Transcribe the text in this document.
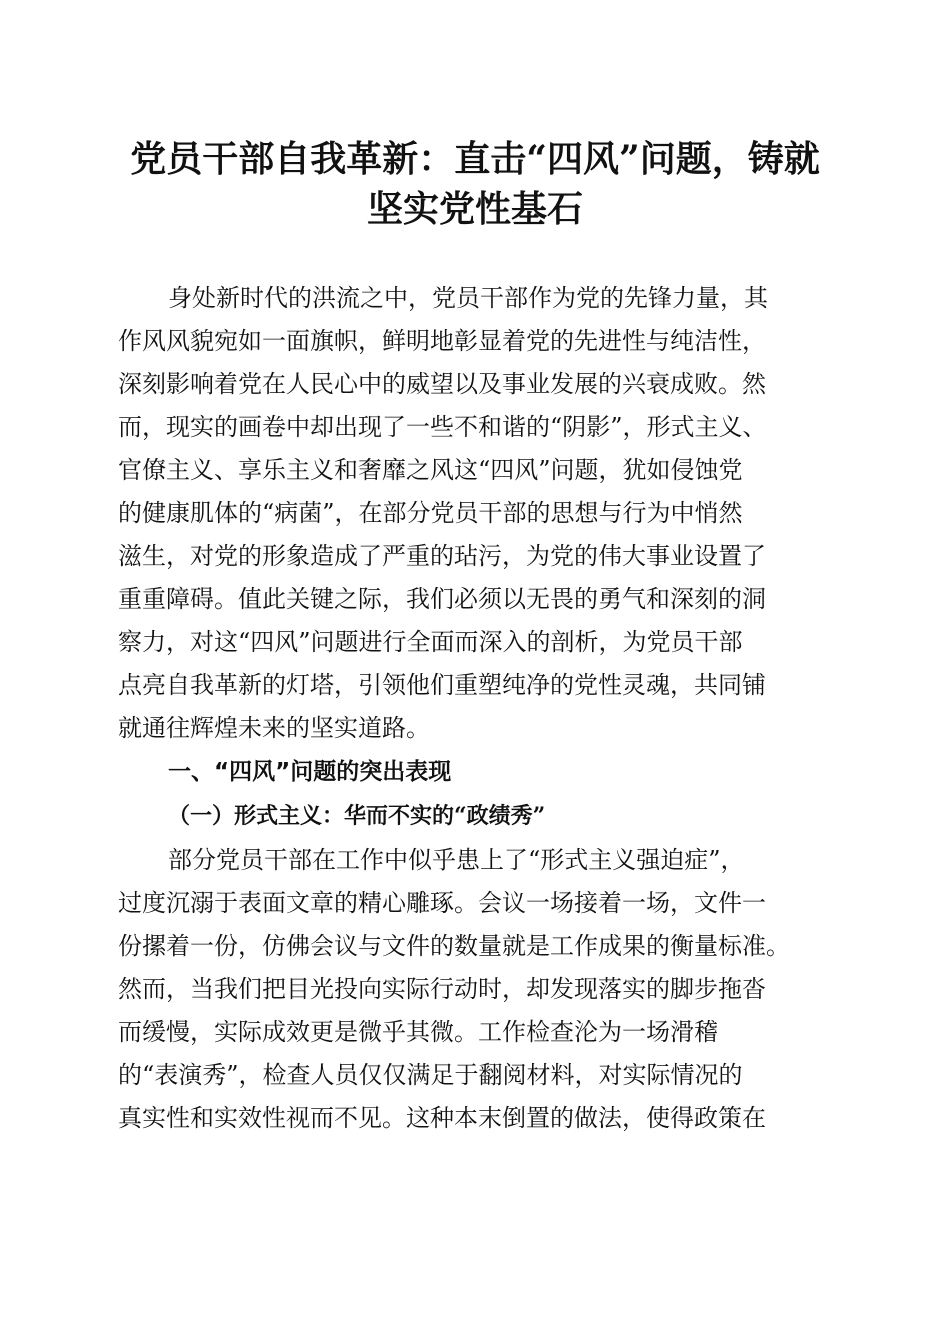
党员干部自我革新：直击“四风”问题，铸就
坚实党性基石

身处新时代的洪流之中，党员干部作为党的先锋力量，其

作风风貌宛如一面旗帜，鲜明地彰显着党的先进性与纯洁性，

深刻影响着党在人民心中的威望以及事业发展的兴衰成败。然

而，现实的画卷中却出现了一些不和谐的“阴影”，形式主义、

官僚主义、享乐主义和奢靡之风这“四风”问题，犹如侵蚀党

的健康肌体的“病菌”，在部分党员干部的思想与行为中悄然

滋生，对党的形象造成了严重的玷污，为党的伟大事业设置了

重重障碍。值此关键之际，我们必须以无畏的勇气和深刻的洞

察力，对这“四风”问题进行全面而深入的剖析，为党员干部

点亮自我革新的灯塔，引领他们重塑纯净的党性灵魂，共同铺

就通往辉煌未来的坚实道路。

一、“四风”问题的突出表现
（一）形式主义：华而不实的“政绩秀”

部分党员干部在工作中似乎患上了“形式主义强迫症”，

过度沉溺于表面文章的精心雕琢。会议一场接着一场，文件一

份摞着一份，仿佛会议与文件的数量就是工作成果的衡量标准。

然而，当我们把目光投向实际行动时，却发现落实的脚步拖沓

而缓慢，实际成效更是微乎其微。工作检查沦为一场滑稽

的“表演秀”，检查人员仅仅满足于翻阅材料，对实际情况的

真实性和实效性视而不见。这种本末倒置的做法，使得政策在
